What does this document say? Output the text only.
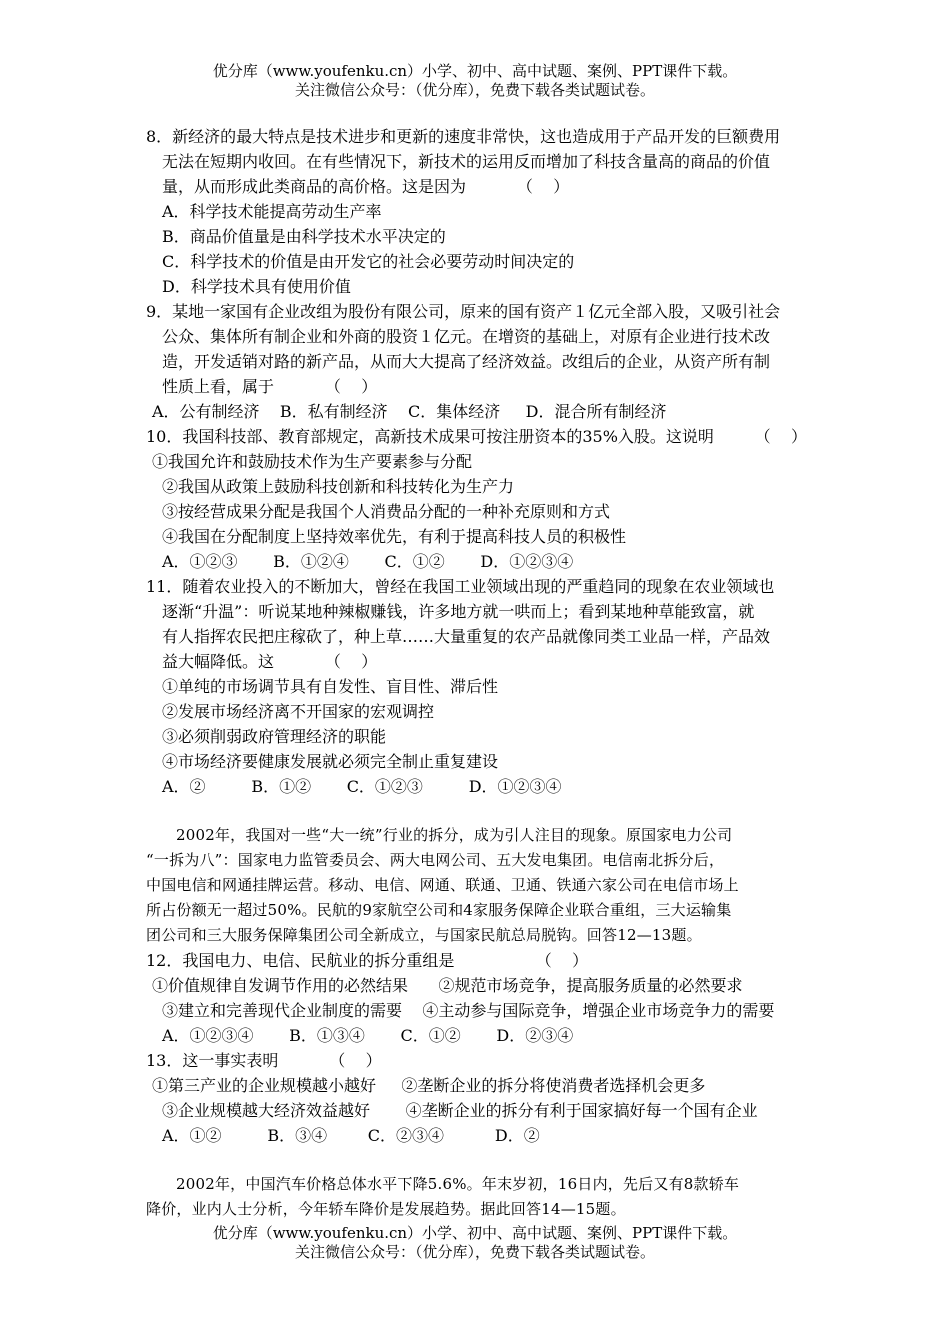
优分库（www.youfenku.cn）小学、初中、高中试题、案例、PPT课件下载。
关注微信公众号：（优分库），免费下载各类试题试卷。
8．新经济的最大特点是技术进步和更新的速度非常快，这也造成用于产品开发的巨额费用
无法在短期内收回。在有些情况下，新技术的运用反而增加了科技含量高的商品的价值
量，从而形成此类商品的高价格。这是因为          （    ）
A．科学技术能提高劳动生产率
B．商品价值量是由科学技术水平决定的
C．科学技术的价值是由开发它的社会必要劳动时间决定的
D．科学技术具有使用价值
9．某地一家国有企业改组为股份有限公司，原来的国有资产１亿元全部入股，又吸引社会
公众、集体所有制企业和外商的股资１亿元。在增资的基础上，对原有企业进行技术改
造，开发适销对路的新产品，从而大大提高了经济效益。改组后的企业，从资产所有制
性质上看，属于          （    ）
A．公有制经济    B．私有制经济    C．集体经济     D．混合所有制经济
10．我国科技部、教育部规定，高新技术成果可按注册资本的35%入股。这说明        （    ）
①我国允许和鼓励技术作为生产要素参与分配
②我国从政策上鼓励科技创新和科技转化为生产力
③按经营成果分配是我国个人消费品分配的一种补充原则和方式
④我国在分配制度上坚持效率优先，有利于提高科技人员的积极性
A．①②③       B．①②④       C．①②       D．①②③④
11．随着农业投入的不断加大，曾经在我国工业领域出现的严重趋同的现象在农业领域也
逐渐“升温”：听说某地种辣椒赚钱，许多地方就一哄而上；看到某地种草能致富，就
有人指挥农民把庄稼砍了，种上草……大量重复的农产品就像同类工业品一样，产品效
益大幅降低。这          （    ）
①单纯的市场调节具有自发性、盲目性、滞后性
②发展市场经济离不开国家的宏观调控
③必须削弱政府管理经济的职能
④市场经济要健康发展就必须完全制止重复建设
A．②         B．①②       C．①②③         D．①②③④
2002年，我国对一些“大一统”行业的拆分，成为引人注目的现象。原国家电力公司
“一拆为八”：国家电力监管委员会、两大电网公司、五大发电集团。电信南北拆分后，
中国电信和网通挂牌运营。移动、电信、网通、联通、卫通、铁通六家公司在电信市场上
所占份额无一超过50%。民航的9家航空公司和4家服务保障企业联合重组，三大运输集
团公司和三大服务保障集团公司全新成立，与国家民航总局脱钩。回答12—13题。
12．我国电力、电信、民航业的拆分重组是                （    ）
①价值规律自发调节作用的必然结果      ②规范市场竞争，提高服务质量的必然要求
③建立和完善现代企业制度的需要    ④主动参与国际竞争，增强企业市场竞争力的需要
A．①②③④       B．①③④       C．①②       D．②③④
13．这一事实表明          （    ）
①第三产业的企业规模越小越好     ②垄断企业的拆分将使消费者选择机会更多
③企业规模越大经济效益越好       ④垄断企业的拆分有利于国家搞好每一个国有企业
A．①②         B．③④        C．②③④          D．②
2002年，中国汽车价格总体水平下降5.6%。年末岁初，16日内，先后又有8款轿车
降价，业内人士分析，今年轿车降价是发展趋势。据此回答14—15题。
优分库（www.youfenku.cn）小学、初中、高中试题、案例、PPT课件下载。
关注微信公众号：（优分库），免费下载各类试题试卷。
